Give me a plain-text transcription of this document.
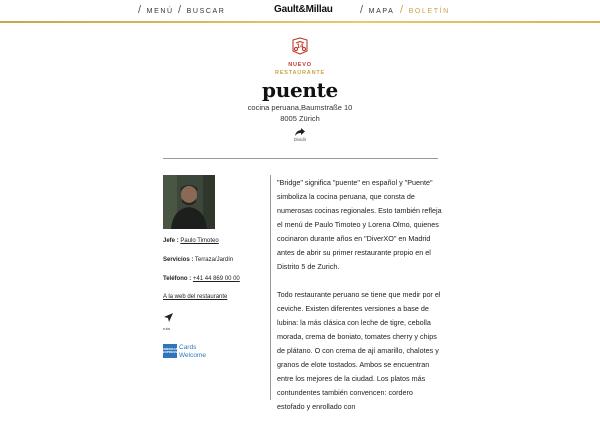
/ MENÚ / BUSCAR	Gault&Millau / MAPA / BOLETÍN
14
NUEVO
RESTAURANTE
puente
cocina peruana,Baumstraße 10
8005 Zürich
Dividir
Jefe : Paulo Timoteo
Servicios : Terraza/Jardín
Teléfono : +41 44 869 00 00
A la web del restaurante
ruta
AMERICAN EXPRESS
Cards
Welcome

"Bridge" significa "puente" en español y "Puente" simboliza la cocina peruana, que consta de numerosas cocinas regionales. Esto también refleja el menú de Paulo Timoteo y Lorena Olmo, quienes cocinaron durante años en "DiverXO" en Madrid antes de abrir su primer restaurante propio en el Distrito 5 de Zurich.

Todo restaurante peruano se tiene que medir por el ceviche. Existen diferentes versiones a base de lubina: la más clásica con leche de tigre, cebolla morada, crema de boniato, tomates cherry y chips de plátano. O con crema de ají amarillo, chalotes y granos de elote tostados. Ambos se encuentran entre los mejores de la ciudad. Los platos más contundentes también convencen: cordero estofado y enrollado con
